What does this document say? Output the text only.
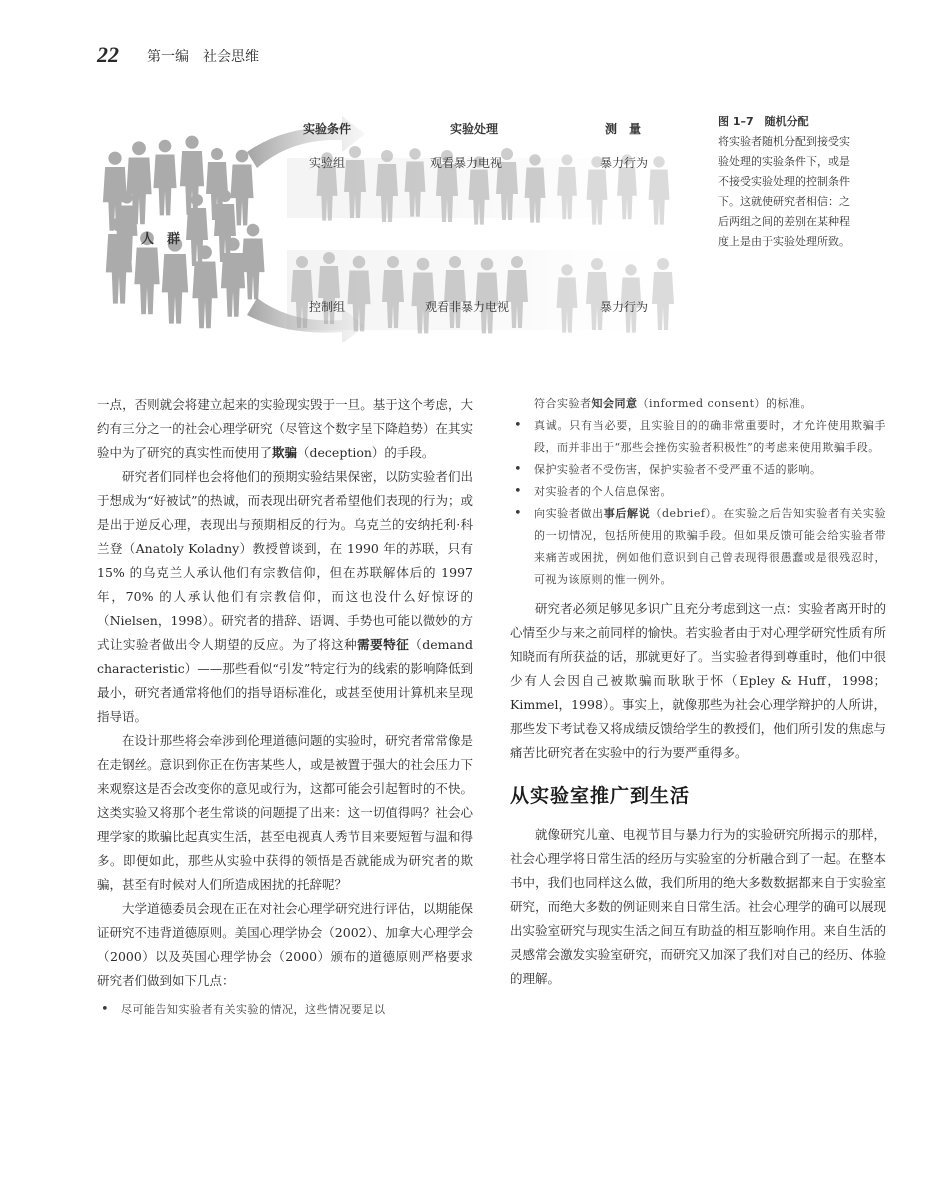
22 第一编　社会思维
实验条件	实验处理	测　量
人　群
实验组	观看暴力电视	暴力行为
控制组	观看非暴力电视	暴力行为
图 1–7　随机分配
将实验者随机分配到接受实
验处理的实验条件下，或是
不接受实验处理的控制条件
下。这就使研究者相信：之
后两组之间的差别在某种程
度上是由于实验处理所致。

一点，否则就会将建立起来的实验现实毁于一旦。基于这个考虑，大约有三分之一的社会心理学研究（尽管这个数字呈下降趋势）在其实验中为了研究的真实性而使用了欺骗（deception）的手段。

研究者们同样也会将他们的预期实验结果保密，以防实验者们出于想成为“好被试”的热诚，而表现出研究者希望他们表现的行为；或是出于逆反心理，表现出与预期相反的行为。乌克兰的安纳托利·科兰登（Anatoly Koladny）教授曾谈到，在 1990 年的苏联，只有 15% 的乌克兰人承认他们有宗教信仰，但在苏联解体后的 1997 年，70% 的人承认他们有宗教信仰，而这也没什么好惊讶的（Nielsen，1998）。研究者的措辞、语调、手势也可能以微妙的方式让实验者做出令人期望的反应。为了将这种需要特征（demand characteristic）——那些看似“引发”特定行为的线索的影响降低到最小，研究者通常将他们的指导语标准化，或甚至使用计算机来呈现指导语。

在设计那些将会牵涉到伦理道德问题的实验时，研究者常常像是在走钢丝。意识到你正在伤害某些人，或是被置于强大的社会压力下来观察这是否会改变你的意见或行为，这都可能会引起暂时的不快。这类实验又将那个老生常谈的问题提了出来：这一切值得吗？社会心理学家的欺骗比起真实生活，甚至电视真人秀节目来要短暂与温和得多。即便如此，那些从实验中获得的领悟是否就能成为研究者的欺骗，甚至有时候对人们所造成困扰的托辞呢？

大学道德委员会现在正在对社会心理学研究进行评估，以期能保证研究不违背道德原则。美国心理学协会（2002）、加拿大心理学会（2000）以及英国心理学协会（2000）颁布的道德原则严格要求研究者们做到如下几点：

• 尽可能告知实验者有关实验的情况，这些情况要足以

符合实验者知会同意（informed consent）的标准。

• 真诚。只有当必要，且实验目的的确非常重要时，才允许使用欺骗手段，而并非出于“那些会挫伤实验者积极性”的考虑来使用欺骗手段。

• 保护实验者不受伤害，保护实验者不受严重不适的影响。

• 对实验者的个人信息保密。

• 向实验者做出事后解说（debrief）。在实验之后告知实验者有关实验的一切情况，包括所使用的欺骗手段。但如果反馈可能会给实验者带来痛苦或困扰，例如他们意识到自己曾表现得很愚蠢或是很残忍时，可视为该原则的惟一例外。

研究者必须足够见多识广且充分考虑到这一点：实验者离开时的心情至少与来之前同样的愉快。若实验者由于对心理学研究性质有所知晓而有所获益的话，那就更好了。当实验者得到尊重时，他们中很少有人会因自己被欺骗而耿耿于怀（Epley & Huff，1998；Kimmel，1998）。事实上，就像那些为社会心理学辩护的人所讲，那些发下考试卷又将成绩反馈给学生的教授们，他们所引发的焦虑与痛苦比研究者在实验中的行为要严重得多。

从实验室推广到生活

就像研究儿童、电视节目与暴力行为的实验研究所揭示的那样，社会心理学将日常生活的经历与实验室的分析融合到了一起。在整本书中，我们也同样这么做，我们所用的绝大多数数据都来自于实验室研究，而绝大多数的例证则来自日常生活。社会心理学的确可以展现出实验室研究与现实生活之间互有助益的相互影响作用。来自生活的灵感常会激发实验室研究，而研究又加深了我们对自己的经历、体验的理解。
